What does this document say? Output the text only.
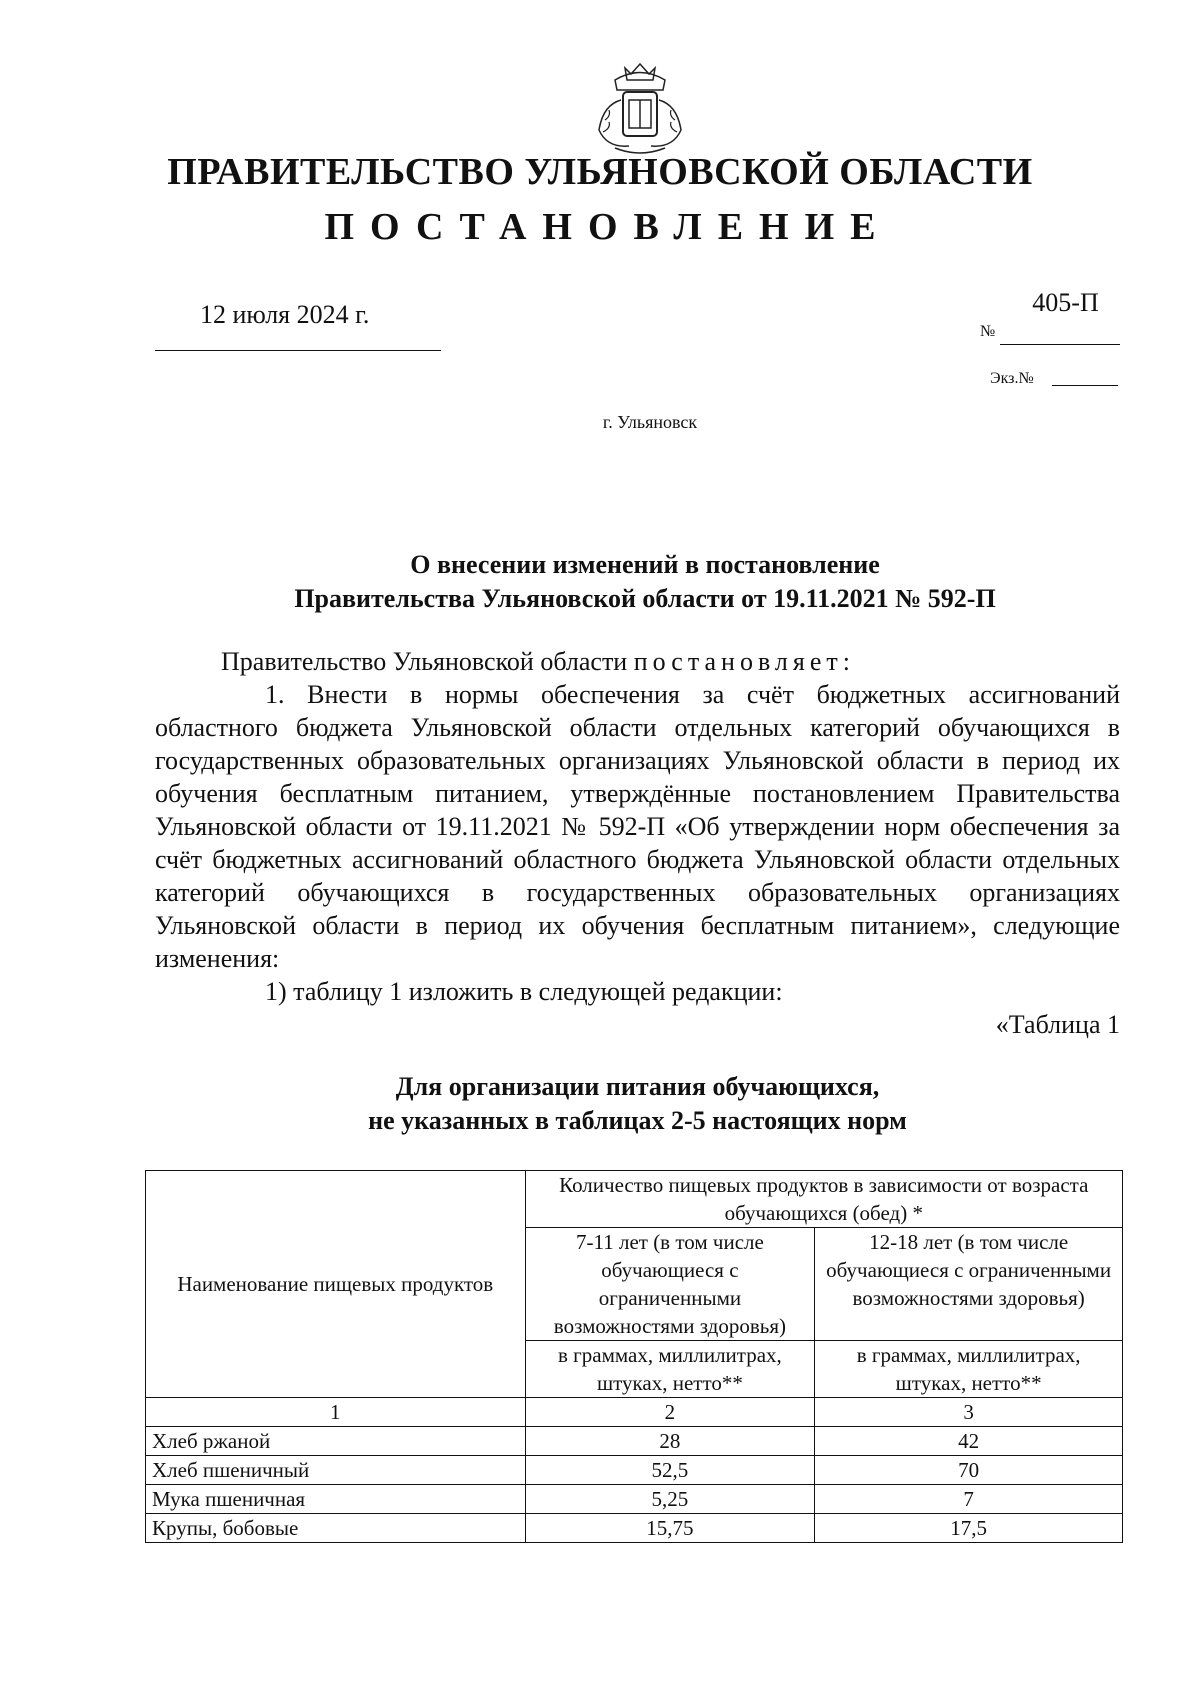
ПРАВИТЕЛЬСТВО УЛЬЯНОВСКОЙ ОБЛАСТИ
ПОСТАНОВЛЕНИЕ
12 июля 2024 г.	405-П
№
Экз.№
г. Ульяновск
О внесении изменений в постановление
Правительства Ульяновской области от 19.11.2021 № 592-П

Правительство Ульяновской области постановляет:

1. Внести в нормы обеспечения за счёт бюджетных ассигнований областного бюджета Ульяновской области отдельных категорий обучающихся в государственных образовательных организациях Ульяновской области в период их обучения бесплатным питанием, утверждённые постановлением Правительства Ульяновской области от 19.11.2021 № 592-П «Об утверждении норм обеспечения за счёт бюджетных ассигнований областного бюджета Ульяновской области отдельных категорий обучающихся в государственных образовательных организациях Ульяновской области в период их обучения бесплатным питанием», следующие изменения:

1) таблицу 1 изложить в следующей редакции:

«Таблица 1

Для организации питания обучающихся,
не указанных в таблицах 2-5 настоящих норм
Наименование пищевых продуктов	Количество пищевых продуктов в зависимости от возраста обучающихся (обед) *	
	7-11 лет (в том числе обучающиеся с ограниченными возможностями здоровья)	12-18 лет (в том числе обучающиеся с ограниченными возможностями здоровья)
	в граммах, миллилитрах, штуках, нетто**	в граммах, миллилитрах, штуках, нетто**
1	2	3
Хлеб ржаной	28	42
Хлеб пшеничный	52,5	70
Мука пшеничная	5,25	7
Крупы, бобовые	15,75	17,5
